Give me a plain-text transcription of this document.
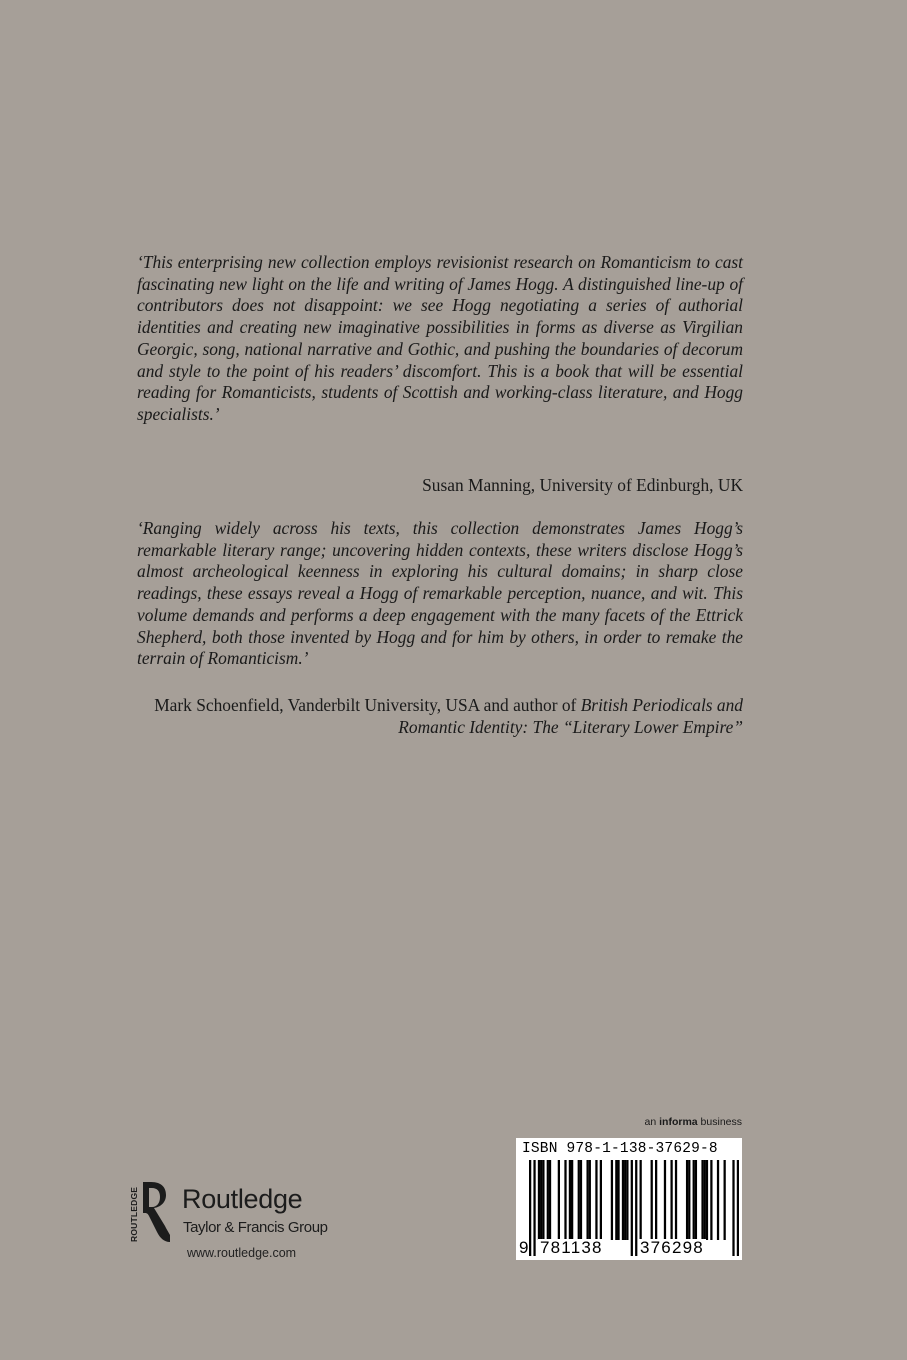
‘This enterprising new collection employs revisionist research on Romanticism to cast fascinating new light on the life and writing of James Hogg. A distinguished line-up of contributors does not disappoint: we see Hogg negotiating a series of authorial identities and creating new imaginative possibilities in forms as diverse as Virgilian Georgic, song, national narrative and Gothic, and pushing the boundaries of decorum and style to the point of his readers’ discomfort. This is a book that will be essential reading for Romanticists, students of Scottish and working-class literature, and Hogg specialists.’

Susan Manning, University of Edinburgh, UK

‘Ranging widely across his texts, this collection demonstrates James Hogg’s remarkable literary range; uncovering hidden contexts, these writers disclose Hogg’s almost archeological keenness in exploring his cultural domains; in sharp close readings, these essays reveal a Hogg of remarkable perception, nuance, and wit. This volume demands and performs a deep engagement with the many facets of the Ettrick Shepherd, both those invented by Hogg and for him by others, in order to remake the terrain of Romanticism.’

Mark Schoenfield, Vanderbilt University, USA and author of British Periodicals and Romantic Identity: The “Literary Lower Empire”
ROUTLEDGE Routledge
Taylor & Francis Group
www.routledge.com
an informa business
ISBN 978-1-138-37629-8
9 781138 376298
